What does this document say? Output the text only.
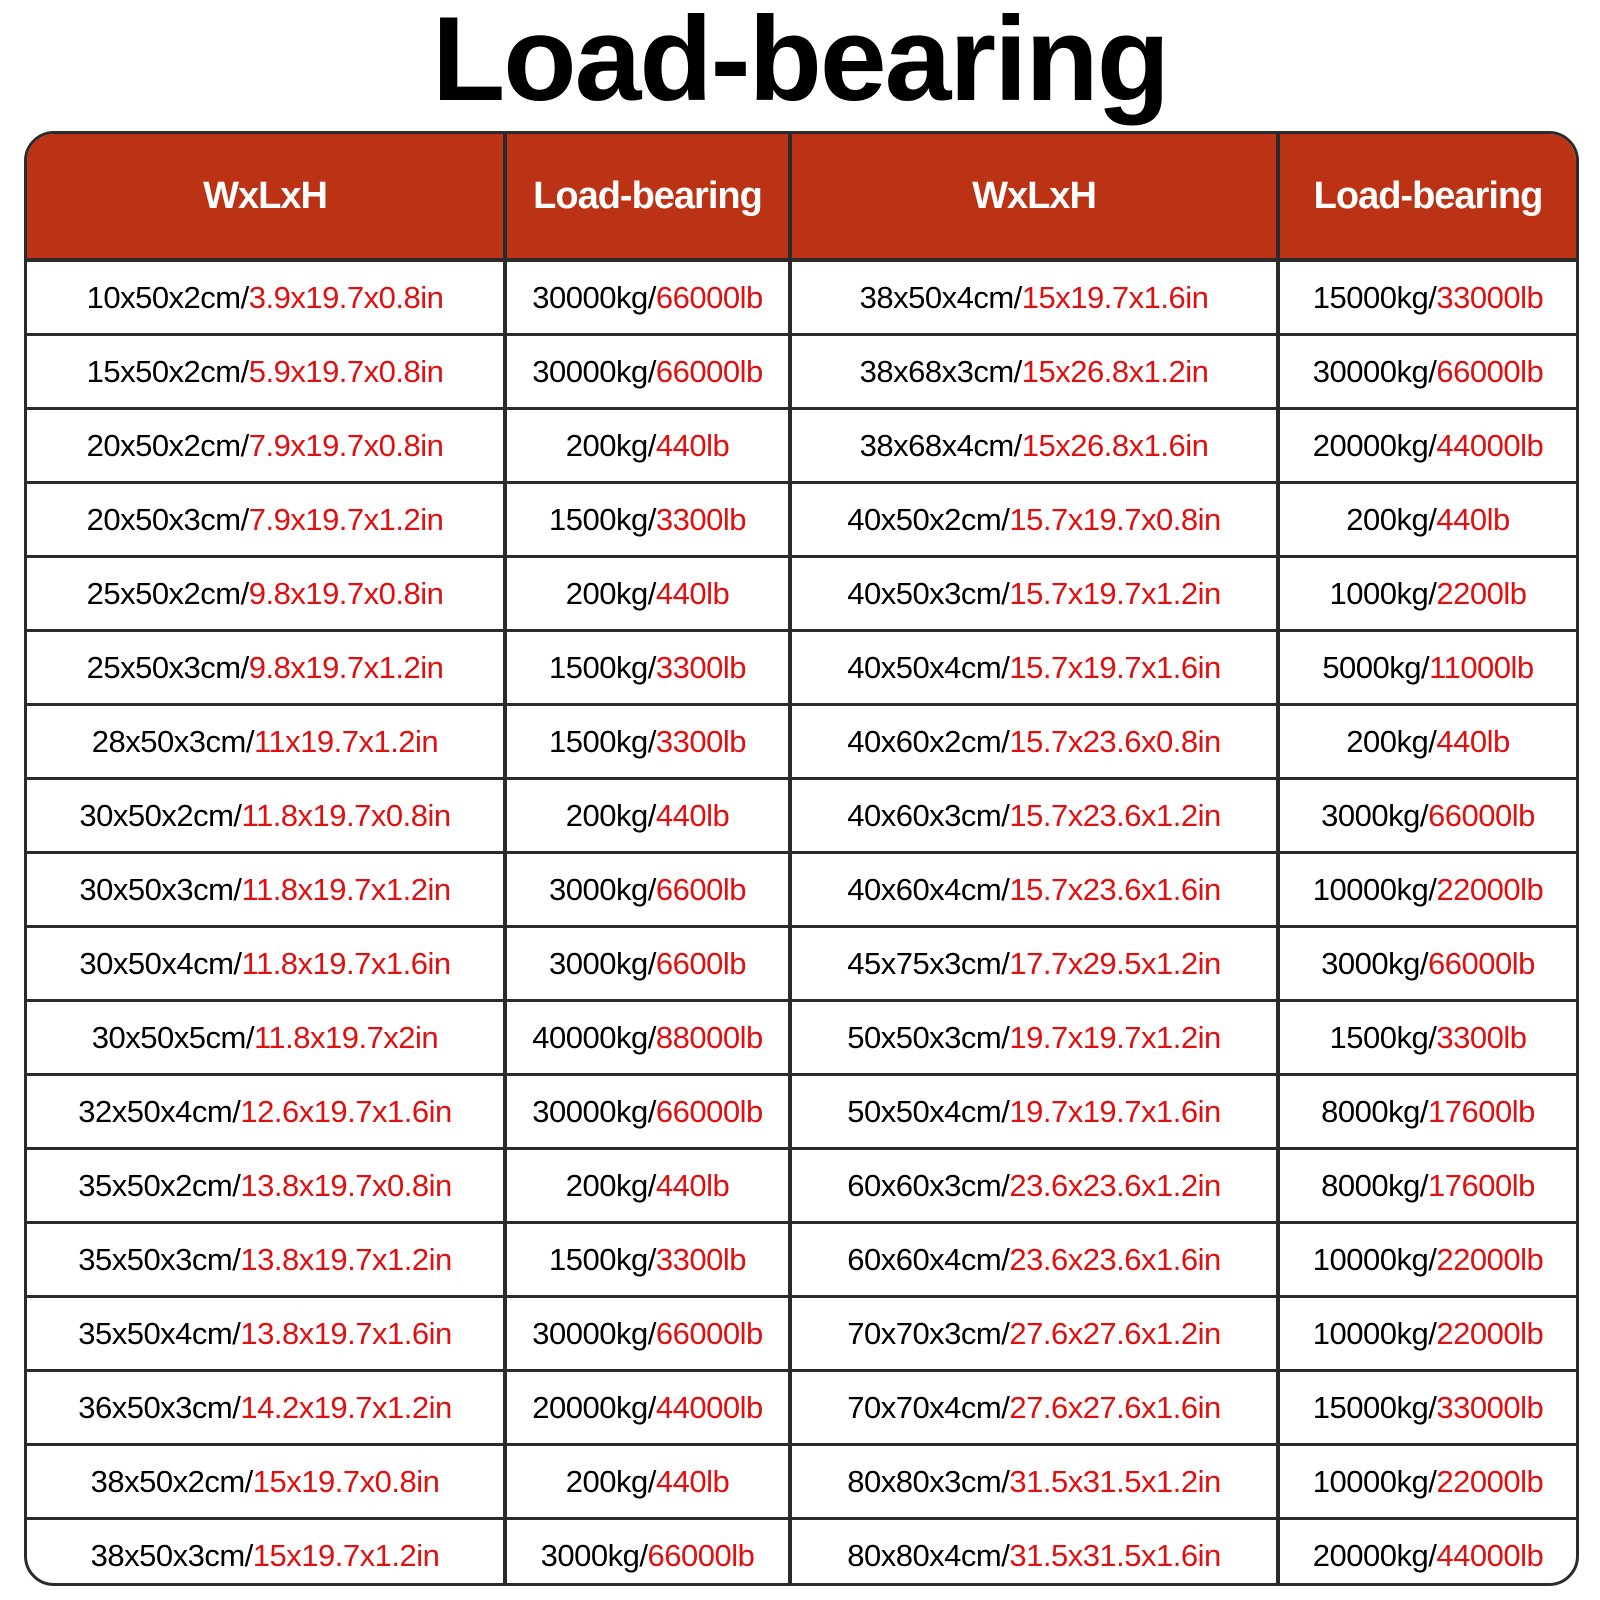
Load-bearing
WxLxH	Load-bearing	WxLxH	Load-bearing
10x50x2cm/3.9x19.7x0.8in	30000kg/66000lb	38x50x4cm/15x19.7x1.6in	15000kg/33000lb
15x50x2cm/5.9x19.7x0.8in	30000kg/66000lb	38x68x3cm/15x26.8x1.2in	30000kg/66000lb
20x50x2cm/7.9x19.7x0.8in	200kg/440lb	38x68x4cm/15x26.8x1.6in	20000kg/44000lb
20x50x3cm/7.9x19.7x1.2in	1500kg/3300lb	40x50x2cm/15.7x19.7x0.8in	200kg/440lb
25x50x2cm/9.8x19.7x0.8in	200kg/440lb	40x50x3cm/15.7x19.7x1.2in	1000kg/2200lb
25x50x3cm/9.8x19.7x1.2in	1500kg/3300lb	40x50x4cm/15.7x19.7x1.6in	5000kg/11000lb
28x50x3cm/11x19.7x1.2in	1500kg/3300lb	40x60x2cm/15.7x23.6x0.8in	200kg/440lb
30x50x2cm/11.8x19.7x0.8in	200kg/440lb	40x60x3cm/15.7x23.6x1.2in	3000kg/66000lb
30x50x3cm/11.8x19.7x1.2in	3000kg/6600lb	40x60x4cm/15.7x23.6x1.6in	10000kg/22000lb
30x50x4cm/11.8x19.7x1.6in	3000kg/6600lb	45x75x3cm/17.7x29.5x1.2in	3000kg/66000lb
30x50x5cm/11.8x19.7x2in	40000kg/88000lb	50x50x3cm/19.7x19.7x1.2in	1500kg/3300lb
32x50x4cm/12.6x19.7x1.6in	30000kg/66000lb	50x50x4cm/19.7x19.7x1.6in	8000kg/17600lb
35x50x2cm/13.8x19.7x0.8in	200kg/440lb	60x60x3cm/23.6x23.6x1.2in	8000kg/17600lb
35x50x3cm/13.8x19.7x1.2in	1500kg/3300lb	60x60x4cm/23.6x23.6x1.6in	10000kg/22000lb
35x50x4cm/13.8x19.7x1.6in	30000kg/66000lb	70x70x3cm/27.6x27.6x1.2in	10000kg/22000lb
36x50x3cm/14.2x19.7x1.2in	20000kg/44000lb	70x70x4cm/27.6x27.6x1.6in	15000kg/33000lb
38x50x2cm/15x19.7x0.8in	200kg/440lb	80x80x3cm/31.5x31.5x1.2in	10000kg/22000lb
38x50x3cm/15x19.7x1.2in	3000kg/66000lb	80x80x4cm/31.5x31.5x1.6in	20000kg/44000lb
